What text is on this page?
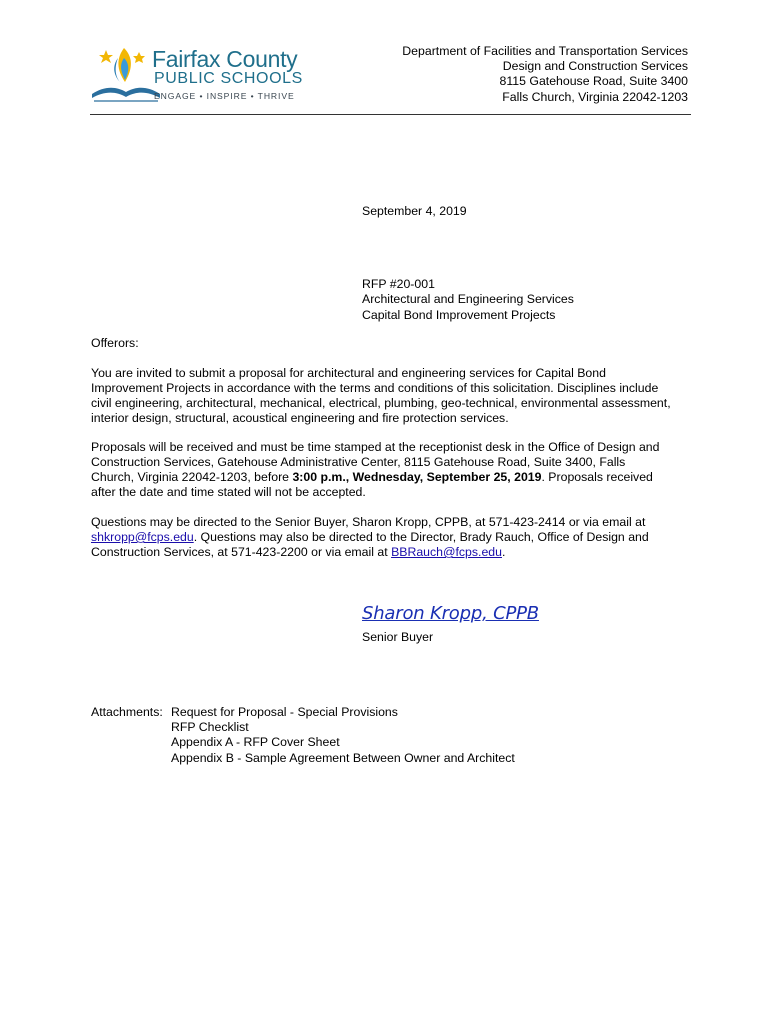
Fairfax County
PUBLIC SCHOOLS
ENGAGE • INSPIRE • THRIVE
Department of Facilities and Transportation Services
Design and Construction Services
8115 Gatehouse Road, Suite 3400
Falls Church, Virginia 22042-1203
September 4, 2019
RFP #20-001
Architectural and Engineering Services
Capital Bond Improvement Projects
Offerors:
You are invited to submit a proposal for architectural and engineering services for Capital Bond
Improvement Projects in accordance with the terms and conditions of this solicitation. Disciplines include
civil engineering, architectural, mechanical, electrical, plumbing, geo-technical, environmental assessment,
interior design, structural, acoustical engineering and fire protection services.
Proposals will be received and must be time stamped at the receptionist desk in the Office of Design and
Construction Services, Gatehouse Administrative Center, 8115 Gatehouse Road, Suite 3400, Falls
Church, Virginia 22042-1203, before 3:00 p.m., Wednesday, September 25, 2019. Proposals received
after the date and time stated will not be accepted.
Questions may be directed to the Senior Buyer, Sharon Kropp, CPPB, at 571-423-2414 or via email at
shkropp@fcps.edu. Questions may also be directed to the Director, Brady Rauch, Office of Design and
Construction Services, at 571-423-2200 or via email at BBRauch@fcps.edu.
Sharon Kropp, CPPB
Senior Buyer
Attachments: Request for Proposal - Special Provisions
RFP Checklist
Appendix A - RFP Cover Sheet
Appendix B - Sample Agreement Between Owner and Architect
